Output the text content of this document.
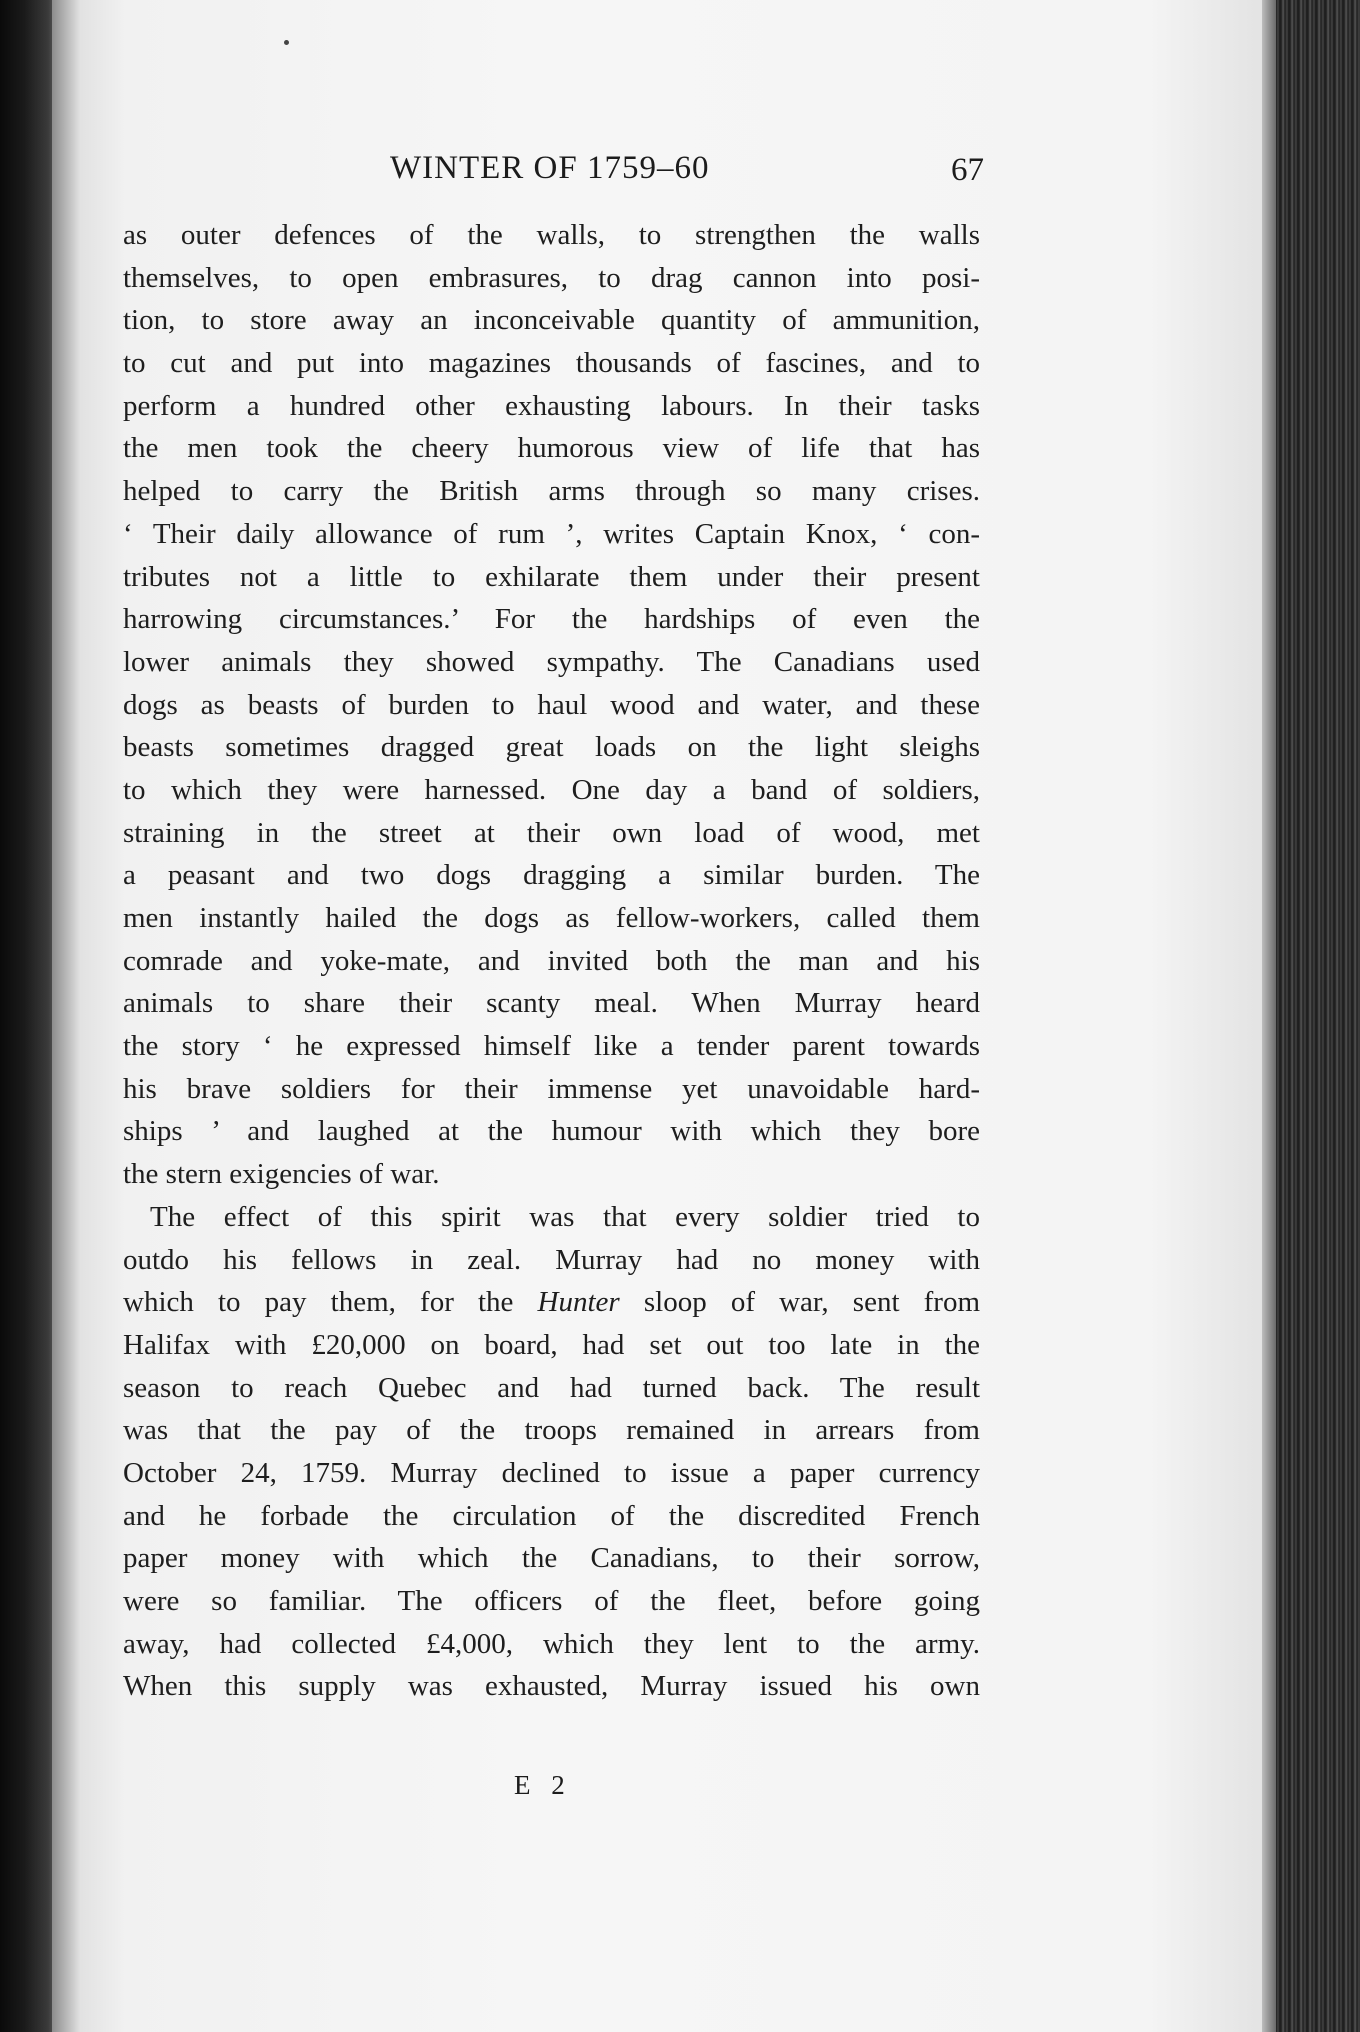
WINTER OF 1759–60	67
as outer defences of the walls, to strengthen the walls
themselves, to open embrasures, to drag cannon into posi-
tion, to store away an inconceivable quantity of ammunition,
to cut and put into magazines thousands of fascines, and to
perform a hundred other exhausting labours. In their tasks
the men took the cheery humorous view of life that has
helped to carry the British arms through so many crises.
‘ Their daily allowance of rum ’, writes Captain Knox, ‘ con-
tributes not a little to exhilarate them under their present
harrowing circumstances.’ For the hardships of even the
lower animals they showed sympathy. The Canadians used
dogs as beasts of burden to haul wood and water, and these
beasts sometimes dragged great loads on the light sleighs
to which they were harnessed. One day a band of soldiers,
straining in the street at their own load of wood, met
a peasant and two dogs dragging a similar burden. The
men instantly hailed the dogs as fellow-workers, called them
comrade and yoke-mate, and invited both the man and his
animals to share their scanty meal. When Murray heard
the story ‘ he expressed himself like a tender parent towards
his brave soldiers for their immense yet unavoidable hard-
ships ’ and laughed at the humour with which they bore
the stern exigencies of war.
The effect of this spirit was that every soldier tried to
outdo his fellows in zeal. Murray had no money with
which to pay them, for the Hunter sloop of war, sent from
Halifax with £20,000 on board, had set out too late in the
season to reach Quebec and had turned back. The result
was that the pay of the troops remained in arrears from
October 24, 1759. Murray declined to issue a paper currency
and he forbade the circulation of the discredited French
paper money with which the Canadians, to their sorrow,
were so familiar. The officers of the fleet, before going
away, had collected £4,000, which they lent to the army.
When this supply was exhausted, Murray issued his own
E 2
